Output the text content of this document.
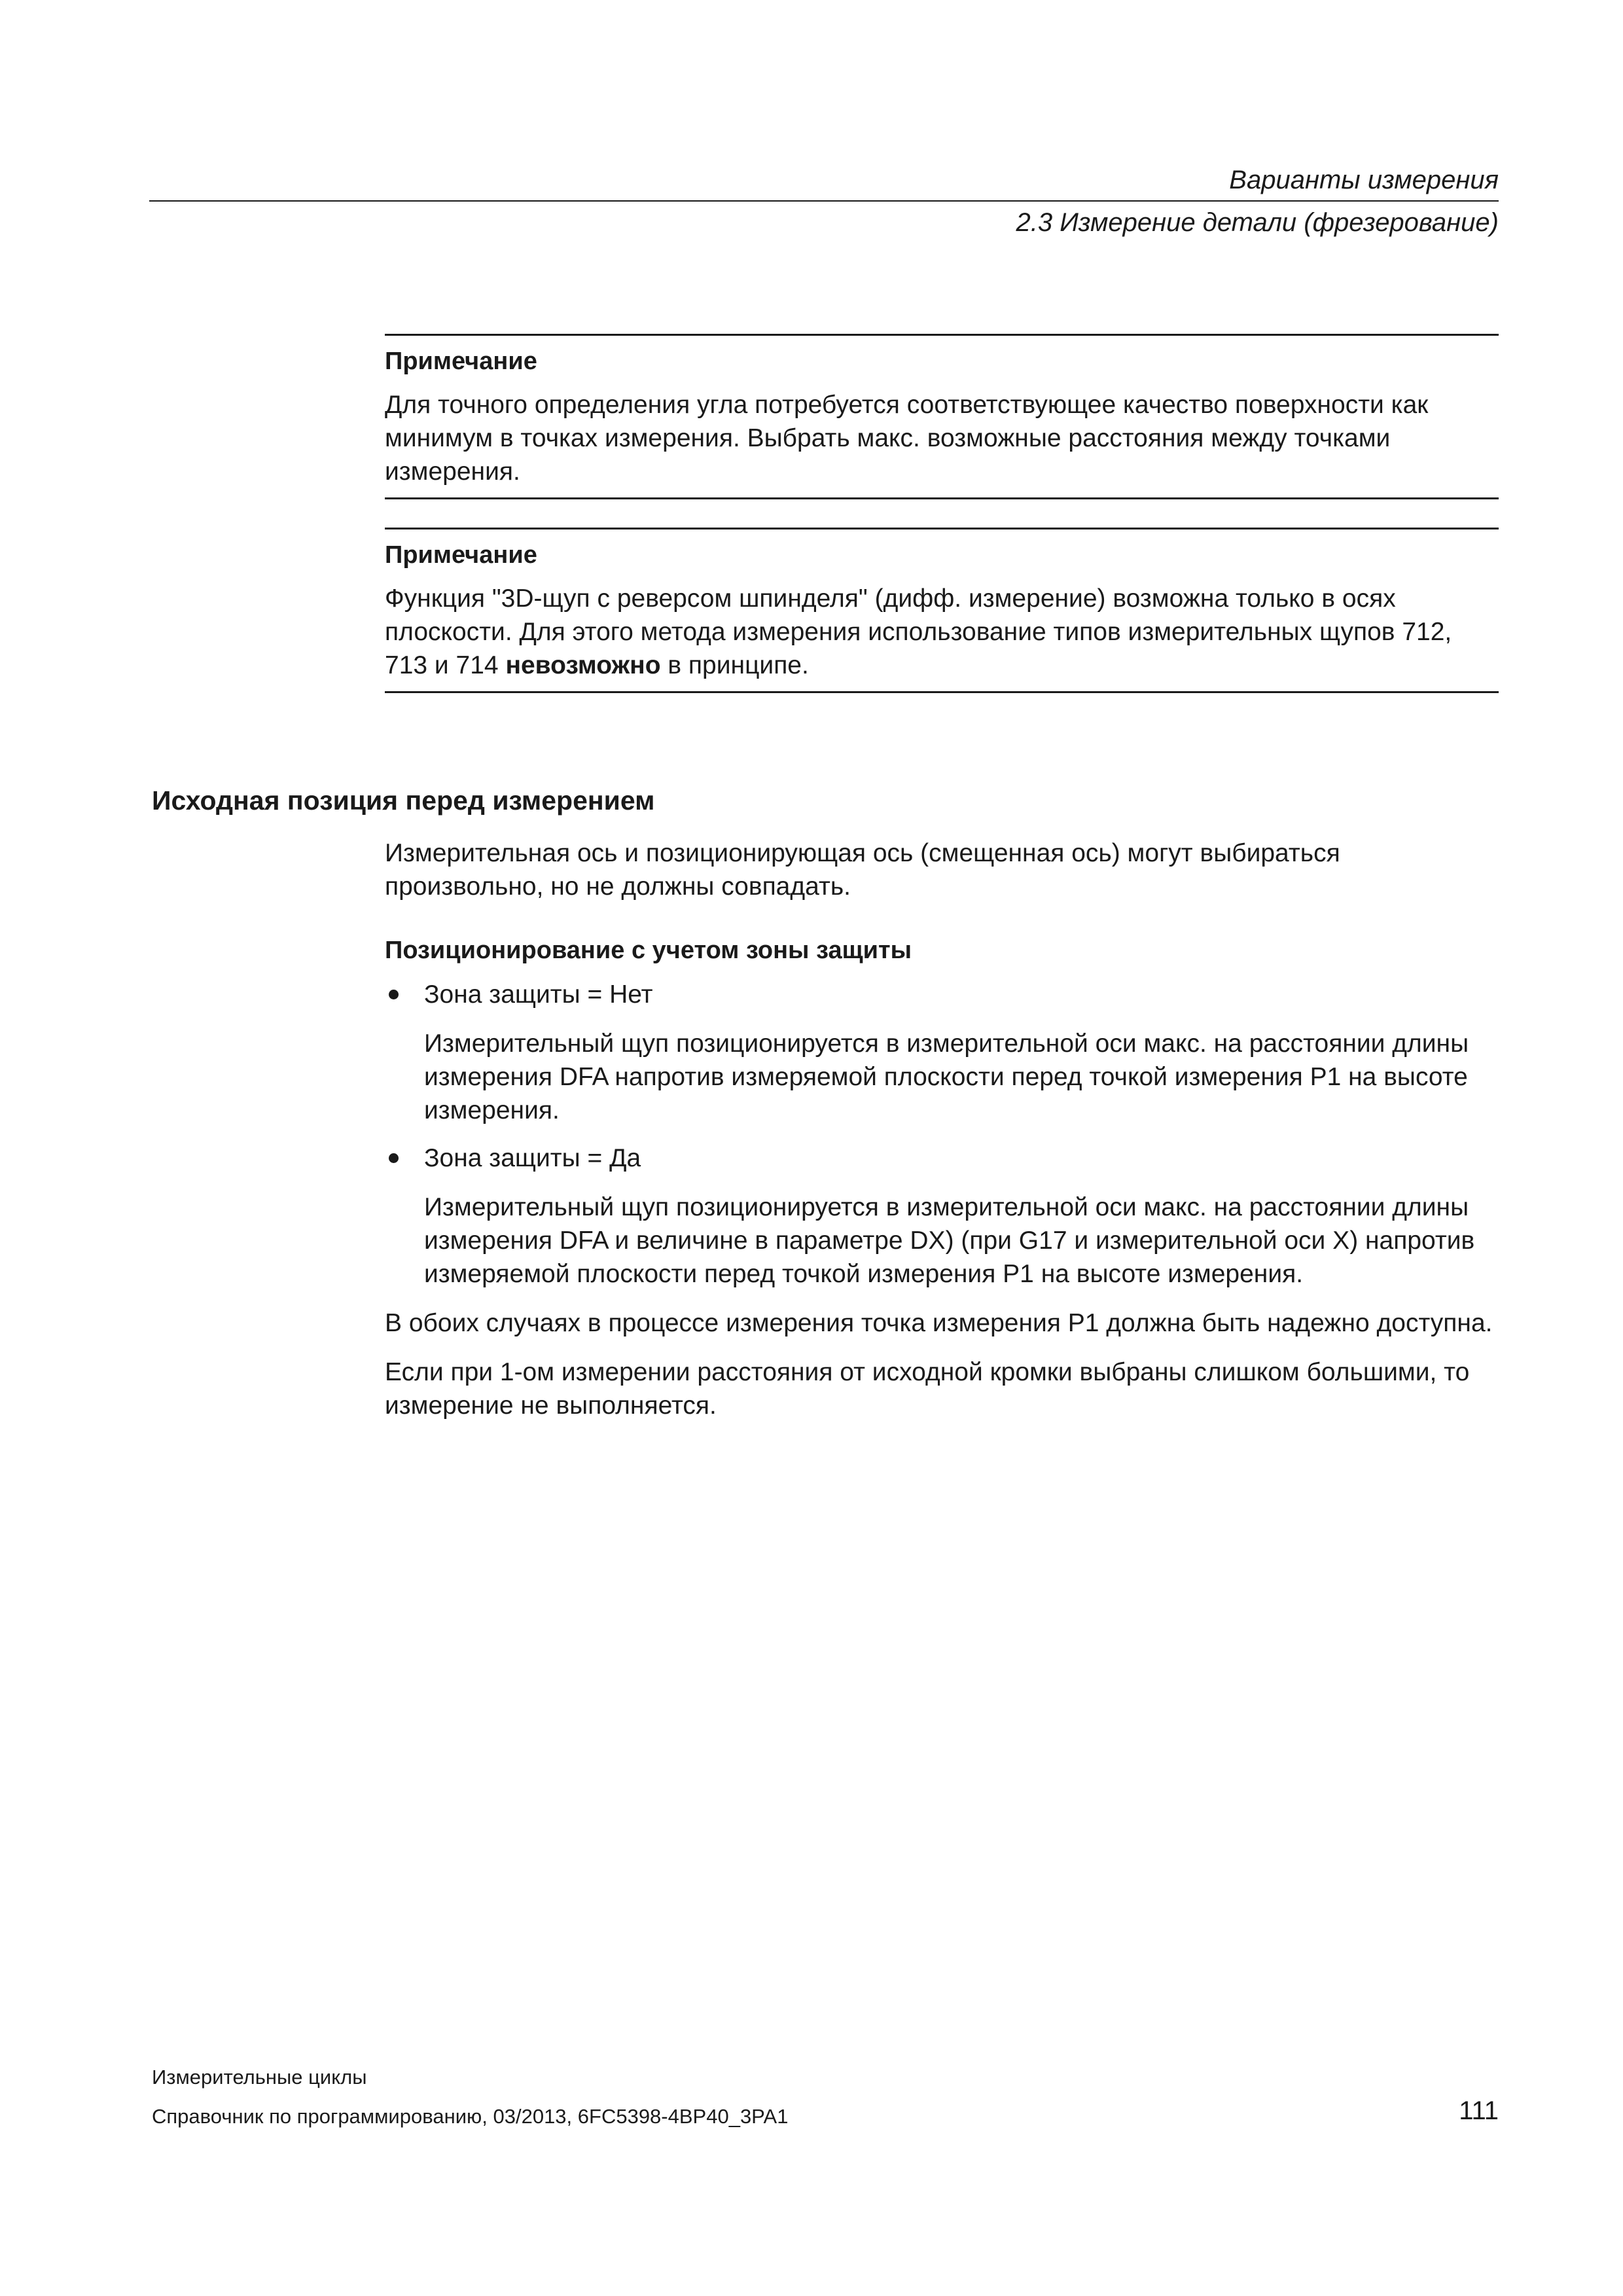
Варианты измерения
2.3 Измерение детали (фрезерование)

Примечание

Для точного определения угла потребуется соответствующее качество поверхности как минимум в точках измерения. Выбрать макс. возможные расстояния между точками измерения.

Примечание

Функция "3D-щуп с реверсом шпинделя" (дифф. измерение) возможна только в осях плоскости. Для этого метода измерения использование типов измерительных щупов 712, 713 и 714 невозможно в принципе.

Исходная позиция перед измерением

Измерительная ось и позиционирующая ось (смещенная ось) могут выбираться произвольно, но не должны совпадать.

Позиционирование с учетом зоны защиты

Зона защиты = Нет

Измерительный щуп позиционируется в измерительной оси макс. на расстоянии длины измерения DFA напротив измеряемой плоскости перед точкой измерения P1 на высоте измерения.

Зона защиты = Да

Измерительный щуп позиционируется в измерительной оси макс. на расстоянии длины измерения DFA и величине в параметре DX) (при G17 и измерительной оси X) напротив измеряемой плоскости перед точкой измерения P1 на высоте измерения.

В обоих случаях в процессе измерения точка измерения P1 должна быть надежно доступна.

Если при 1-ом измерении расстояния от исходной кромки выбраны слишком большими, то измерение не выполняется.

Измерительные циклы
Справочник по программированию, 03/2013, 6FC5398-4BP40_3PA1	111
